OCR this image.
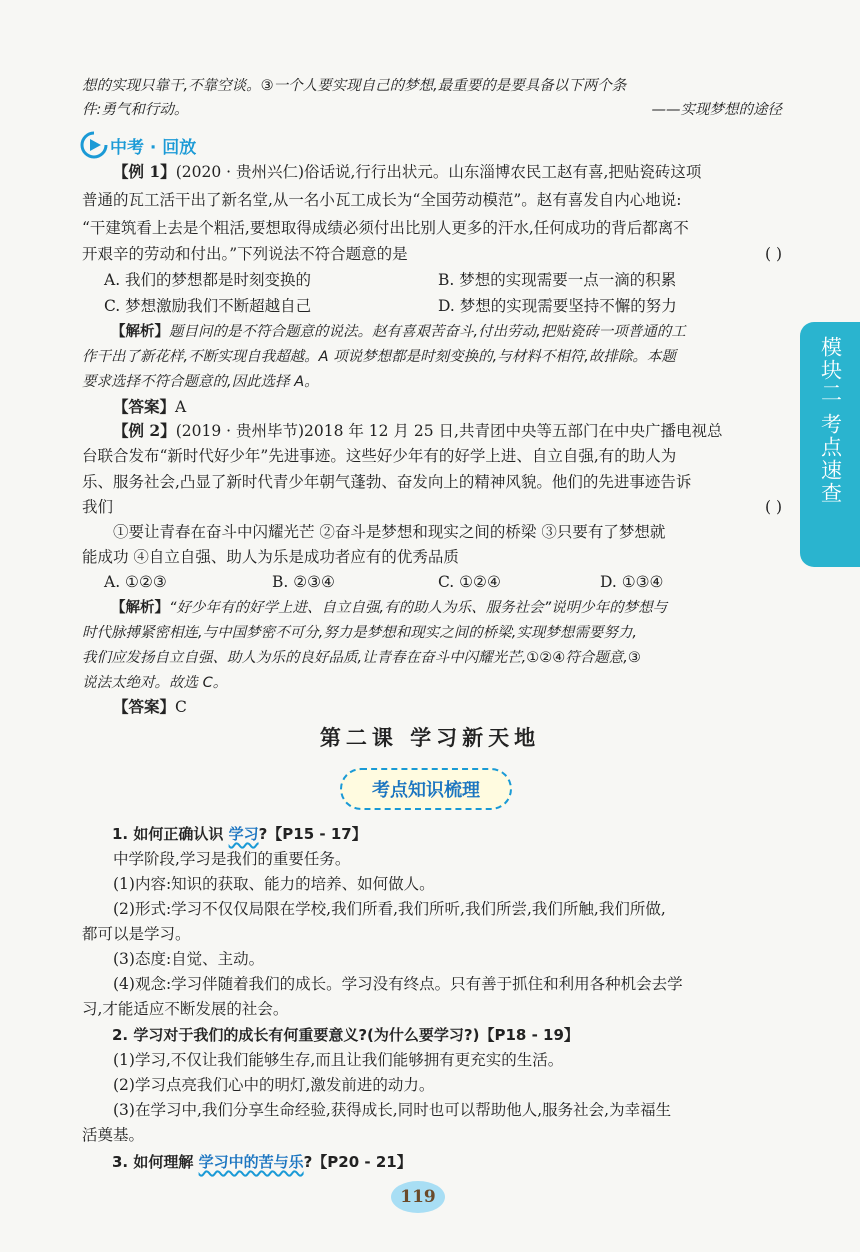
想的实现只靠干,不靠空谈。③一个人要实现自己的梦想,最重要的是要具备以下两个条

件:勇气和行动。	——实现梦想的途径
中考 · 回放

【例 1】(2020 · 贵州兴仁)俗话说,行行出状元。山东淄博农民工赵有喜,把贴瓷砖这项

普通的瓦工活干出了新名堂,从一名小瓦工成长为“全国劳动模范”。赵有喜发自内心地说:

“干建筑看上去是个粗活,要想取得成绩必须付出比别人更多的汗水,任何成功的背后都离不

开艰辛的劳动和付出。”下列说法不符合题意的是	( )

A. 我们的梦想都是时刻变换的	B. 梦想的实现需要一点一滴的积累
C. 梦想激励我们不断超越自己	D. 梦想的实现需要坚持不懈的努力

【解析】题目问的是不符合题意的说法。赵有喜艰苦奋斗,付出劳动,把贴瓷砖一项普通的工

作干出了新花样,不断实现自我超越。A 项说梦想都是时刻变换的,与材料不相符,故排除。本题

要求选择不符合题意的,因此选择 A。

【答案】A

【例 2】(2019 · 贵州毕节)2018 年 12 月 25 日,共青团中央等五部门在中央广播电视总

台联合发布“新时代好少年”先进事迹。这些好少年有的好学上进、自立自强,有的助人为

乐、服务社会,凸显了新时代青少年朝气蓬勃、奋发向上的精神风貌。他们的先进事迹告诉

我们	( )

①要让青春在奋斗中闪耀光芒 ②奋斗是梦想和现实之间的桥梁 ③只要有了梦想就

能成功 ④自立自强、助人为乐是成功者应有的优秀品质

A. ①②③	B. ②③④	C. ①②④	D. ①③④

【解析】“好少年有的好学上进、自立自强,有的助人为乐、服务社会”说明少年的梦想与

时代脉搏紧密相连,与中国梦密不可分,努力是梦想和现实之间的桥梁,实现梦想需要努力,

我们应发扬自立自强、助人为乐的良好品质,让青春在奋斗中闪耀光芒,①②④符合题意,③

说法太绝对。故选 C。

【答案】C

模块二
考点速查
第二课 学习新天地
考点知识梳理

1. 如何正确认识 学习?【P15 - 17】

中学阶段,学习是我们的重要任务。

(1)内容:知识的获取、能力的培养、如何做人。

(2)形式:学习不仅仅局限在学校,我们所看,我们所听,我们所尝,我们所触,我们所做,

都可以是学习。

(3)态度:自觉、主动。

(4)观念:学习伴随着我们的成长。学习没有终点。只有善于抓住和利用各种机会去学

习,才能适应不断发展的社会。

2. 学习对于我们的成长有何重要意义?(为什么要学习?)【P18 - 19】

(1)学习,不仅让我们能够生存,而且让我们能够拥有更充实的生活。

(2)学习点亮我们心中的明灯,激发前进的动力。

(3)在学习中,我们分享生命经验,获得成长,同时也可以帮助他人,服务社会,为幸福生

活奠基。

3. 如何理解 学习中的苦与乐?【P20 - 21】

119
